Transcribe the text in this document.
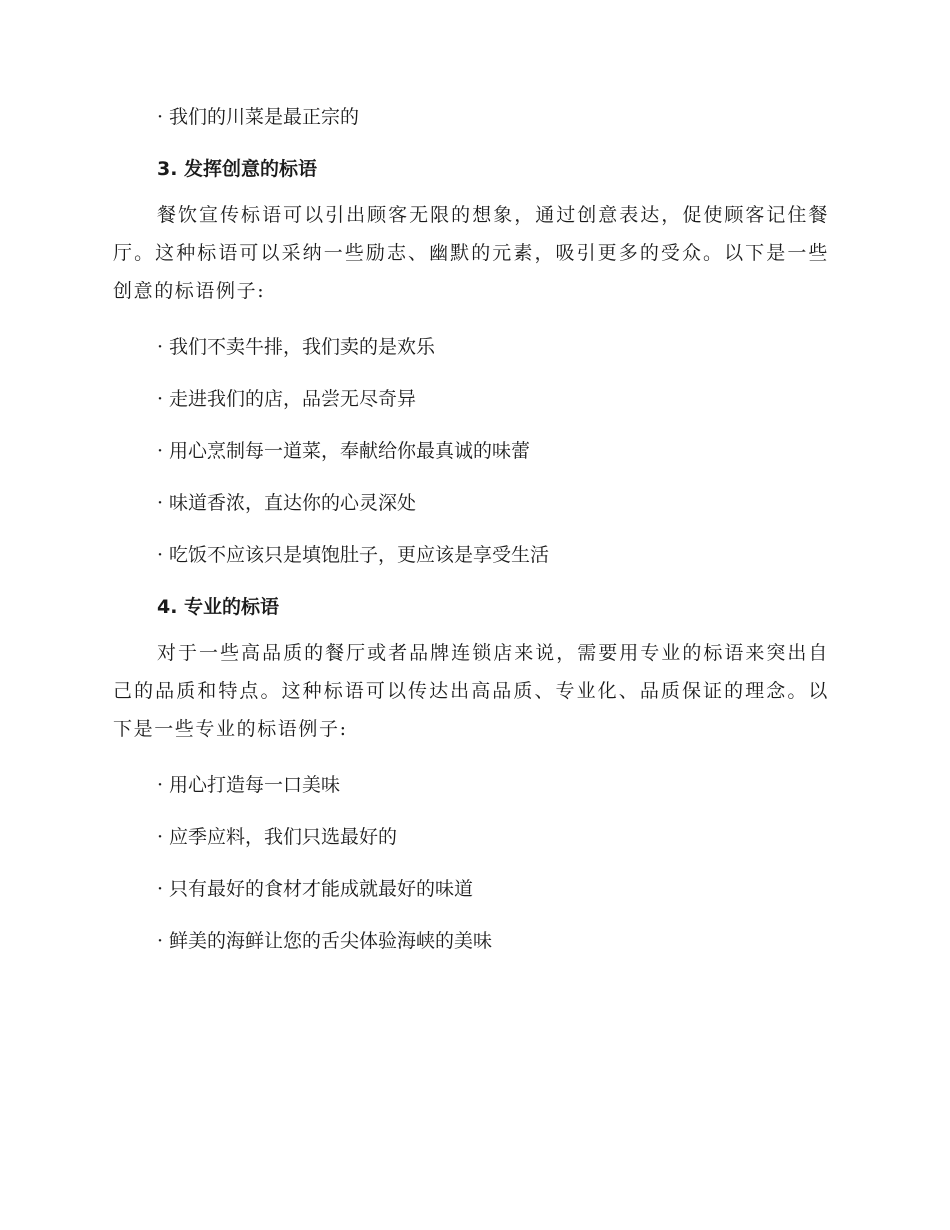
· 我们的川菜是最正宗的

3. 发挥创意的标语

餐饮宣传标语可以引出顾客无限的想象，通过创意表达，促使顾客记住餐厅。这种标语可以采纳一些励志、幽默的元素，吸引更多的受众。以下是一些创意的标语例子:

· 我们不卖牛排，我们卖的是欢乐

· 走进我们的店，品尝无尽奇异

· 用心烹制每一道菜，奉献给你最真诚的味蕾

· 味道香浓，直达你的心灵深处

· 吃饭不应该只是填饱肚子，更应该是享受生活

4. 专业的标语

对于一些高品质的餐厅或者品牌连锁店来说，需要用专业的标语来突出自己的品质和特点。这种标语可以传达出高品质、专业化、品质保证的理念。以下是一些专业的标语例子:

· 用心打造每一口美味

· 应季应料，我们只选最好的

· 只有最好的食材才能成就最好的味道

· 鲜美的海鲜让您的舌尖体验海峡的美味
